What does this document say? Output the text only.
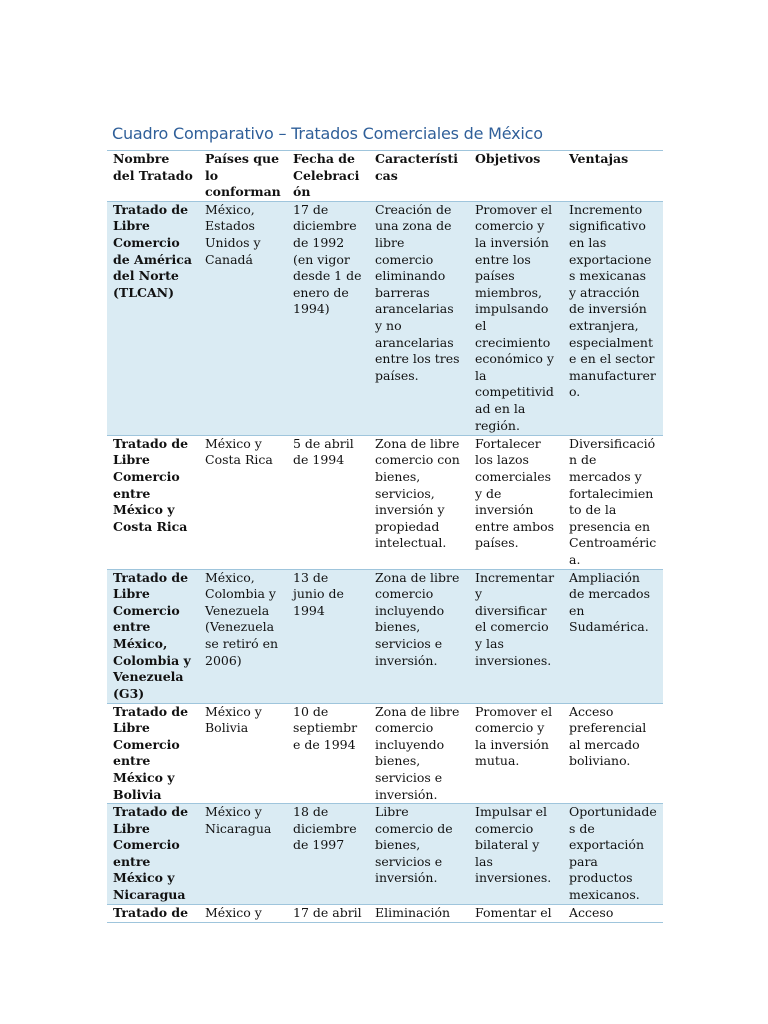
Cuadro Comparativo – Tratados Comerciales de México
Nombre del Tratado	Países que lo conforman	Fecha de Celebración	Características	Objetivos	Ventajas
Tratado de Libre Comercio de América del Norte (TLCAN)	México, Estados Unidos y Canadá	17 de diciembre de 1992 (en vigor desde 1 de enero de 1994)	Creación de una zona de libre comercio eliminando barreras arancelarias y no arancelarias entre los tres países.	Promover el comercio y la inversión entre los países miembros, impulsando el crecimiento económico y la competitividad en la región.	Incremento significativo en las exportaciones mexicanas y atracción de inversión extranjera, especialmente en el sector manufacturero.
Tratado de Libre Comercio entre México y Costa Rica	México y Costa Rica	5 de abril de 1994	Zona de libre comercio con bienes, servicios, inversión y propiedad intelectual.	Fortalecer los lazos comerciales y de inversión entre ambos países.	Diversificación de mercados y fortalecimiento de la presencia en Centroamérica.
Tratado de Libre Comercio entre México, Colombia y Venezuela (G3)	México, Colombia y Venezuela (Venezuela se retiró en 2006)	13 de junio de 1994	Zona de libre comercio incluyendo bienes, servicios e inversión.	Incrementar y diversificar el comercio y las inversiones.	Ampliación de mercados en Sudamérica.
Tratado de Libre Comercio entre México y Bolivia	México y Bolivia	10 de septiembre de 1994	Zona de libre comercio incluyendo bienes, servicios e inversión.	Promover el comercio y la inversión mutua.	Acceso preferencial al mercado boliviano.
Tratado de Libre Comercio entre México y Nicaragua	México y Nicaragua	18 de diciembre de 1997	Libre comercio de bienes, servicios e inversión.	Impulsar el comercio bilateral y las inversiones.	Oportunidades de exportación para productos mexicanos.
Tratado de	México y	17 de abril	Eliminación	Fomentar el	Acceso
